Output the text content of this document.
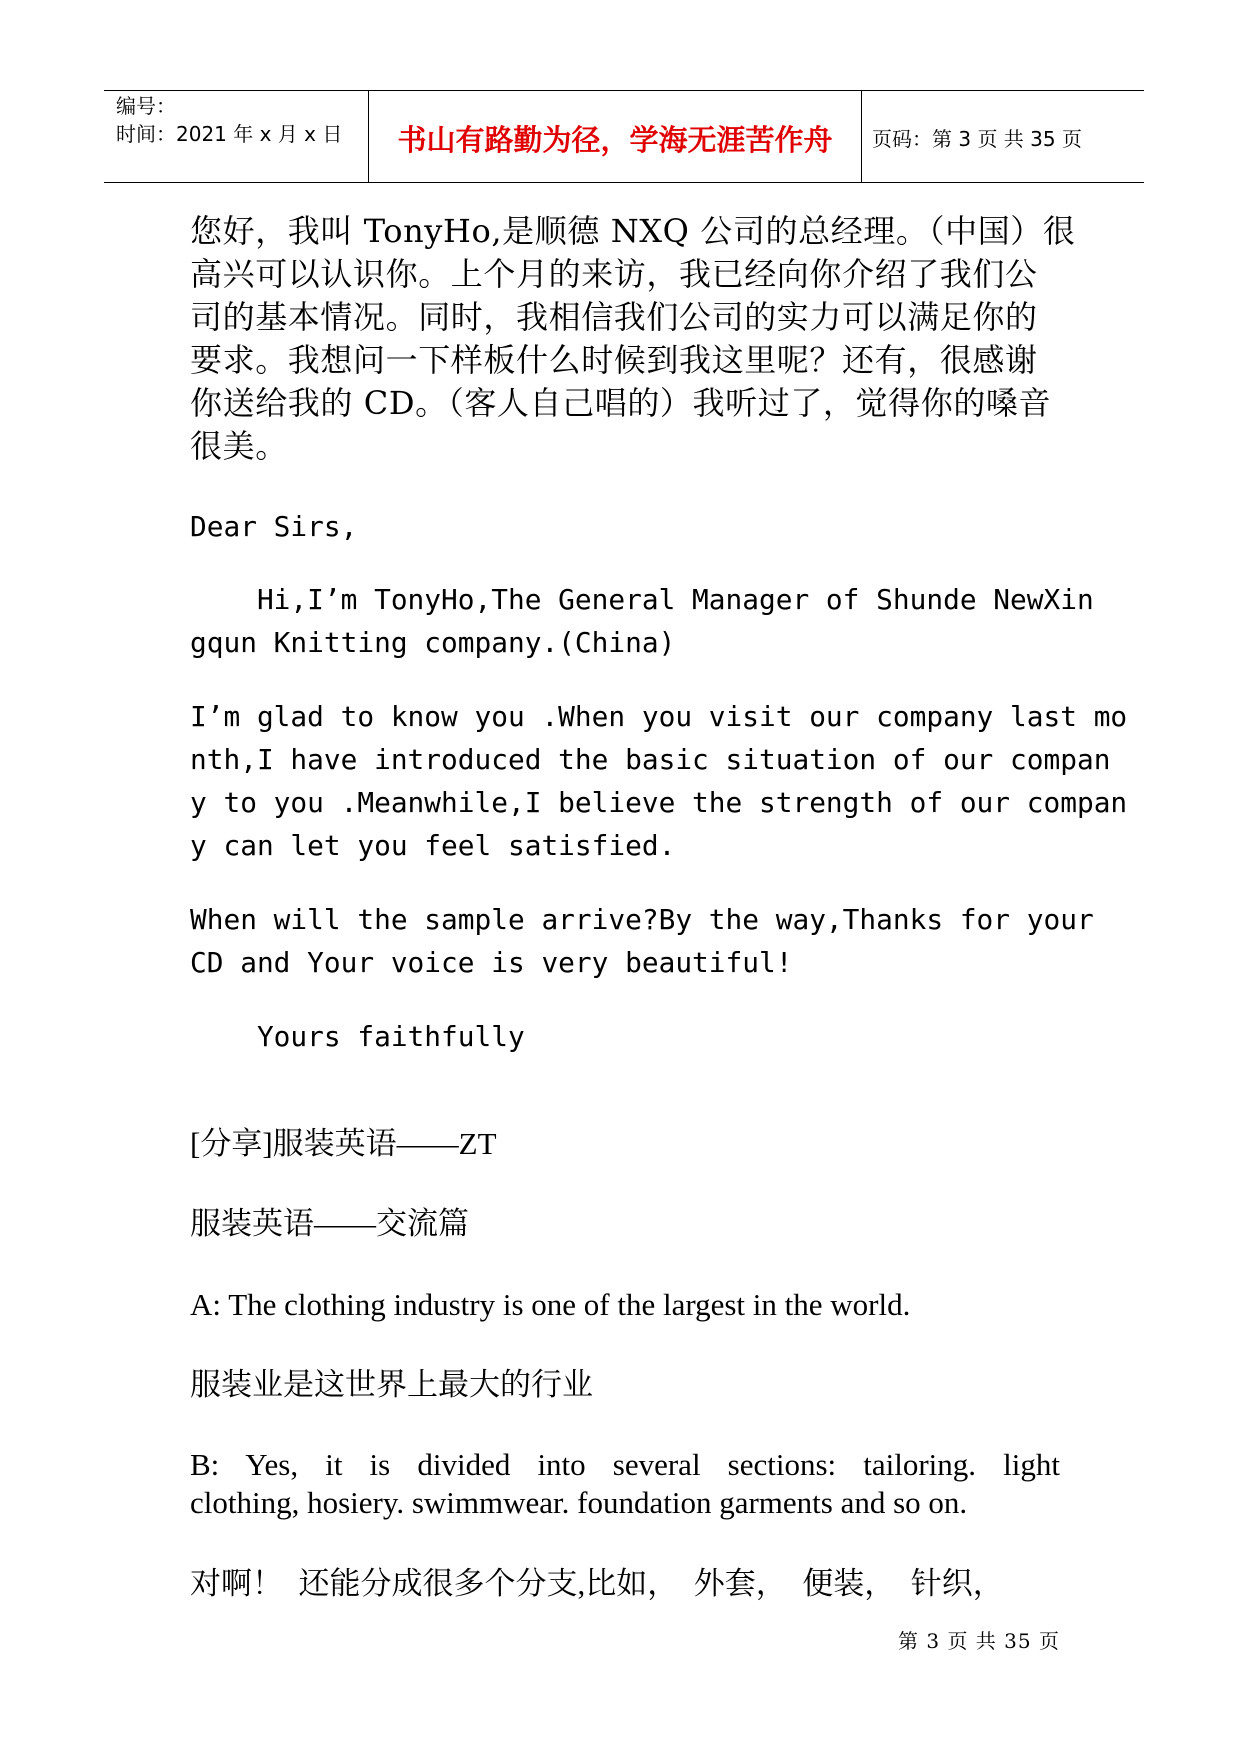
编号：
时间：2021 年 x 月 x 日	书山有路勤为径，学海无涯苦作舟	页码：第 3 页 共 35 页

您好，我叫 TonyHo,是顺德 NXQ 公司的总经理。（中国）很

高兴可以认识你。上个月的来访，我已经向你介绍了我们公

司的基本情况。同时，我相信我们公司的实力可以满足你的

要求。我想问一下样板什么时候到我这里呢？还有，很感谢

你送给我的 CD。（客人自己唱的）我听过了，觉得你的嗓音

很美。

Dear Sirs,

Hi,I’m TonyHo,The General Manager of Shunde NewXin

gqun Knitting company.(China)

I’m glad to know you .When you visit our company last mo

nth,I have introduced the basic situation of our compan

y to you .Meanwhile,I believe the strength of our compan

y can let you feel satisfied.

When will the sample arrive?By the way,Thanks for your

CD and Your voice is very beautiful!

Yours faithfully

[分享]服装英语——ZT

服装英语——交流篇

A: The clothing industry is one of the largest in the world.

服装业是这世界上最大的行业

B: Yes, it is divided into several sections: tailoring. light

clothing, hosiery. swimmwear. foundation garments and so on.

对啊！  还能分成很多个分支,比如，  外套，  便装，  针织，

第 3 页 共 35 页
